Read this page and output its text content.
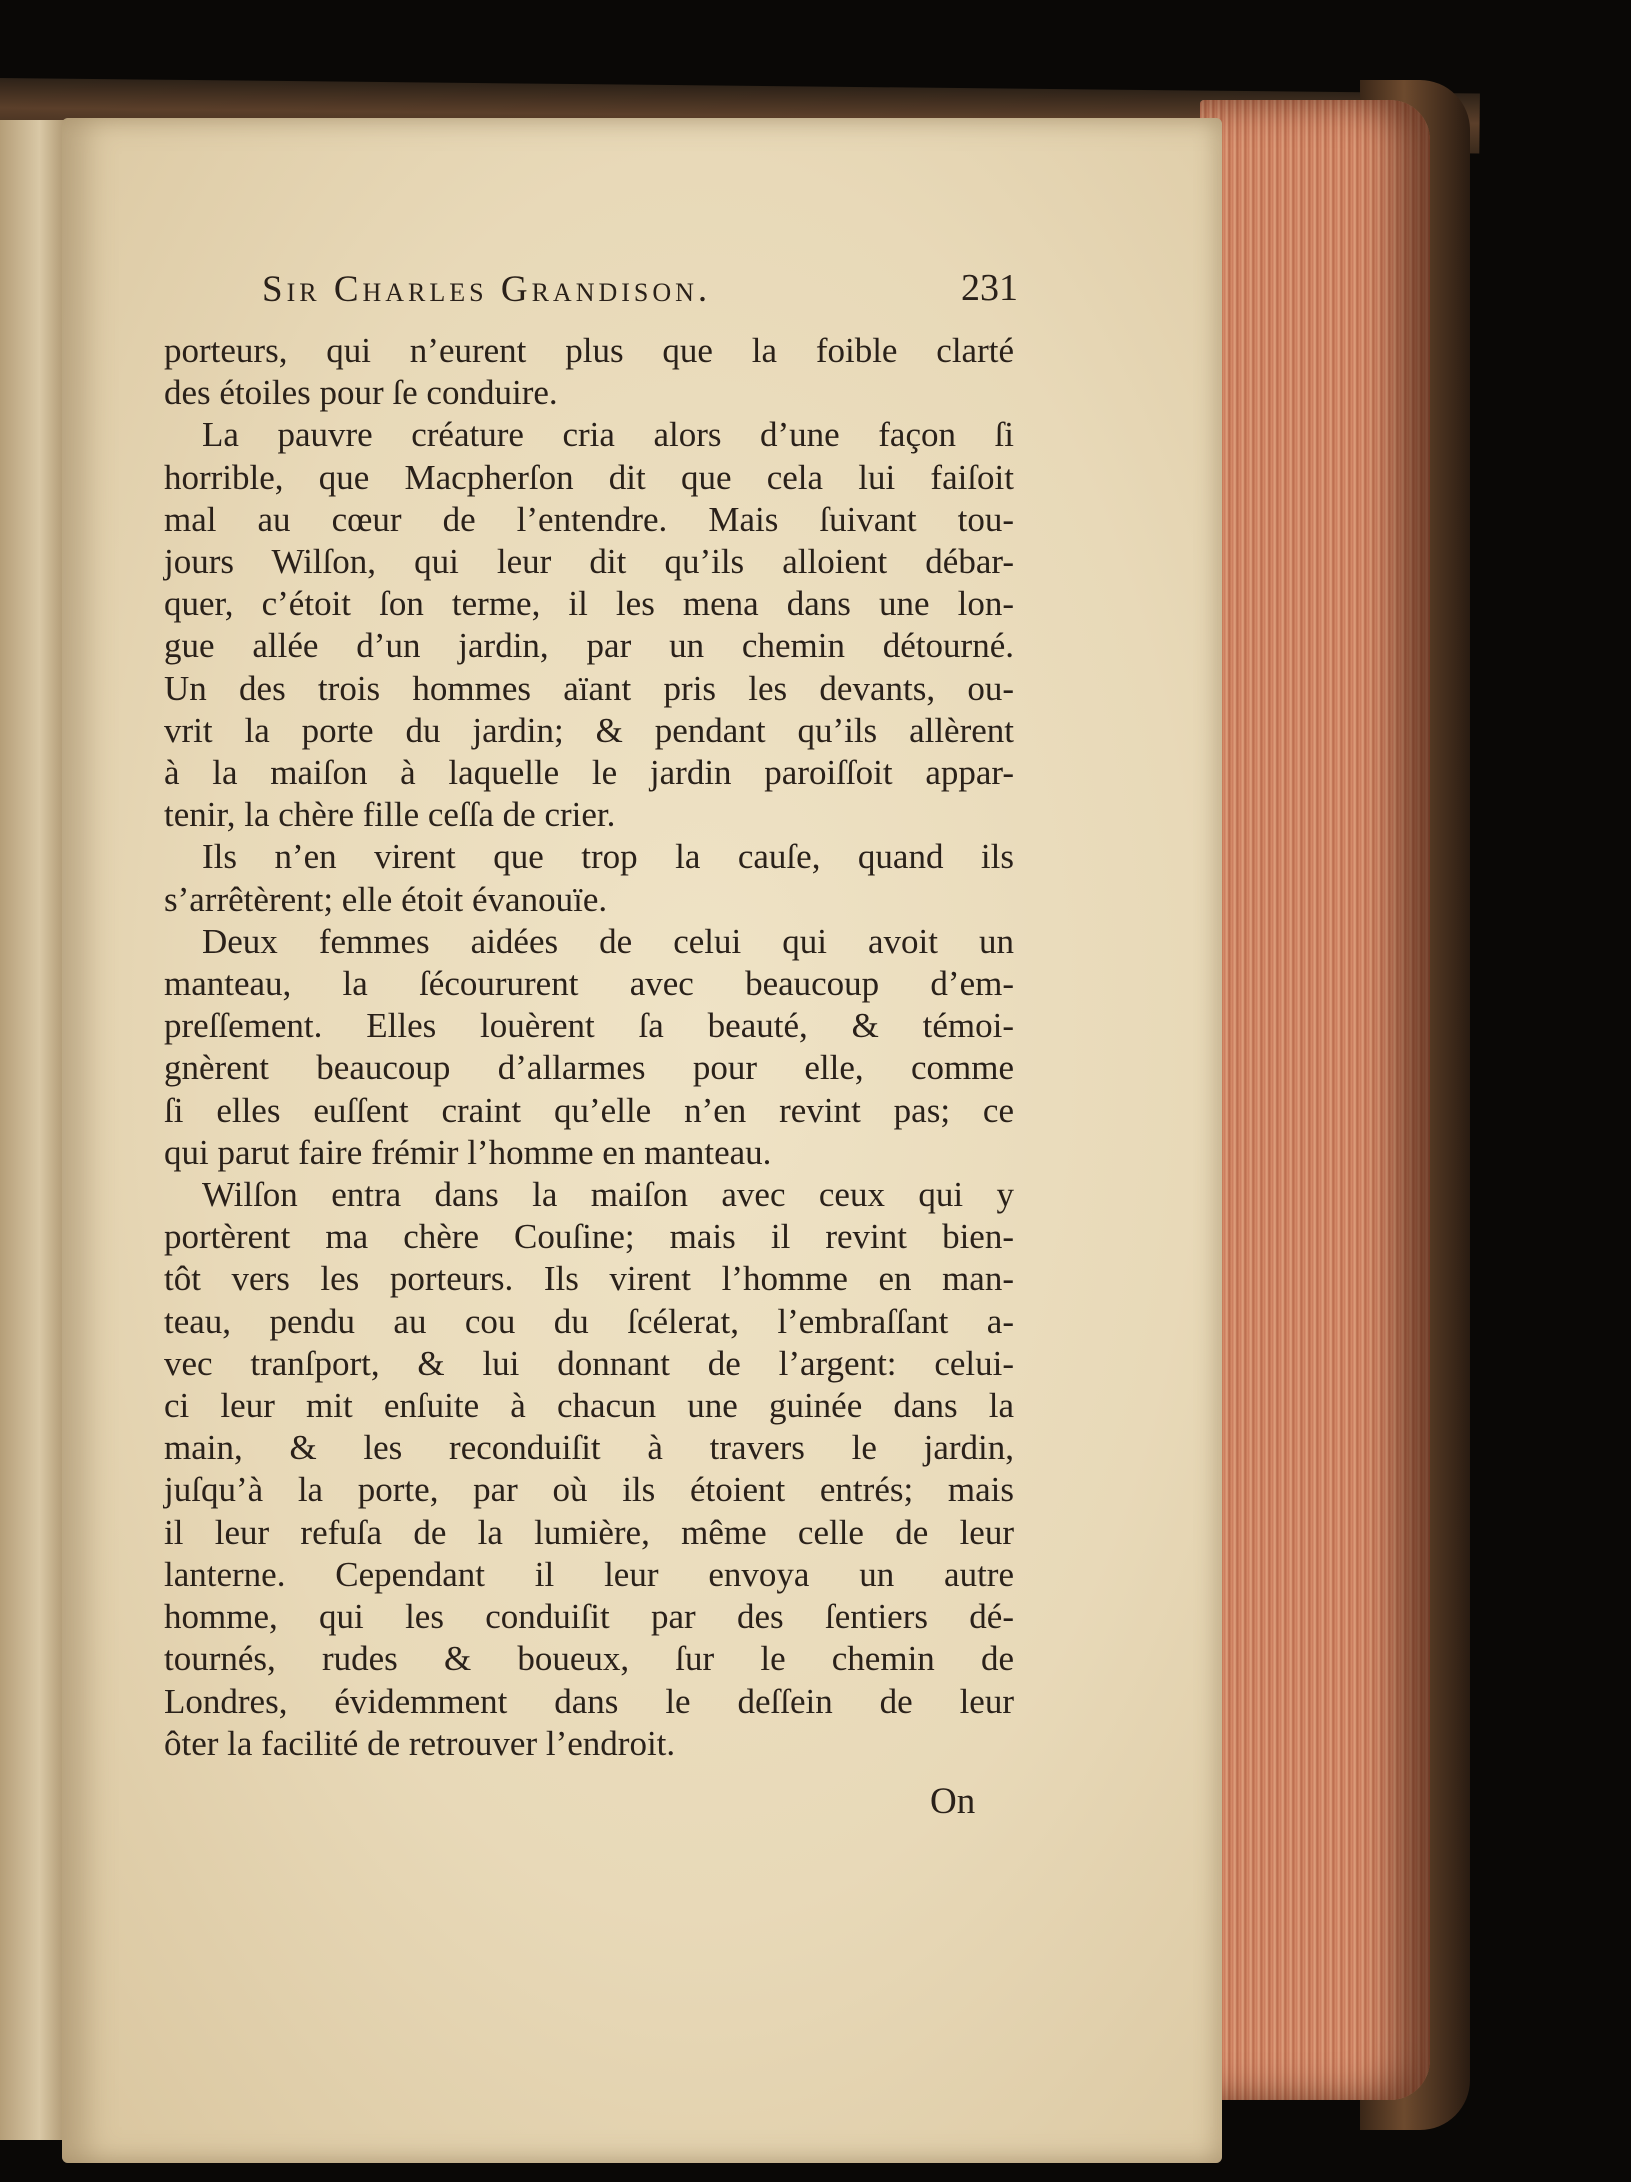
Sir Charles Grandison.	231
porteurs, qui n’eurent plus que la foible clarté
des étoiles pour ſe conduire.
La pauvre créature cria alors d’une façon ſi
horrible, que Macpherſon dit que cela lui faiſoit
mal au cœur de l’entendre. Mais ſuivant tou-
jours Wilſon, qui leur dit qu’ils alloient débar-
quer, c’étoit ſon terme, il les mena dans une lon-
gue allée d’un jardin, par un chemin détourné.
Un des trois hommes aïant pris les devants, ou-
vrit la porte du jardin; & pendant qu’ils allèrent
à la maiſon à laquelle le jardin paroiſſoit appar-
tenir, la chère fille ceſſa de crier.
Ils n’en virent que trop la cauſe, quand ils
s’arrêtèrent; elle étoit évanouïe.
Deux femmes aidées de celui qui avoit un
manteau, la ſécoururent avec beaucoup d’em-
preſſement. Elles louèrent ſa beauté, & témoi-
gnèrent beaucoup d’allarmes pour elle, comme
ſi elles euſſent craint qu’elle n’en revint pas; ce
qui parut faire frémir l’homme en manteau.
Wilſon entra dans la maiſon avec ceux qui y
portèrent ma chère Couſine; mais il revint bien-
tôt vers les porteurs. Ils virent l’homme en man-
teau, pendu au cou du ſcélerat, l’embraſſant a-
vec tranſport, & lui donnant de l’argent: celui-
ci leur mit enſuite à chacun une guinée dans la
main, & les reconduiſit à travers le jardin,
juſqu’à la porte, par où ils étoient entrés; mais
il leur refuſa de la lumière, même celle de leur
lanterne. Cependant il leur envoya un autre
homme, qui les conduiſit par des ſentiers dé-
tournés, rudes & boueux, ſur le chemin de
Londres, évidemment dans le deſſein de leur
ôter la facilité de retrouver l’endroit.
On
